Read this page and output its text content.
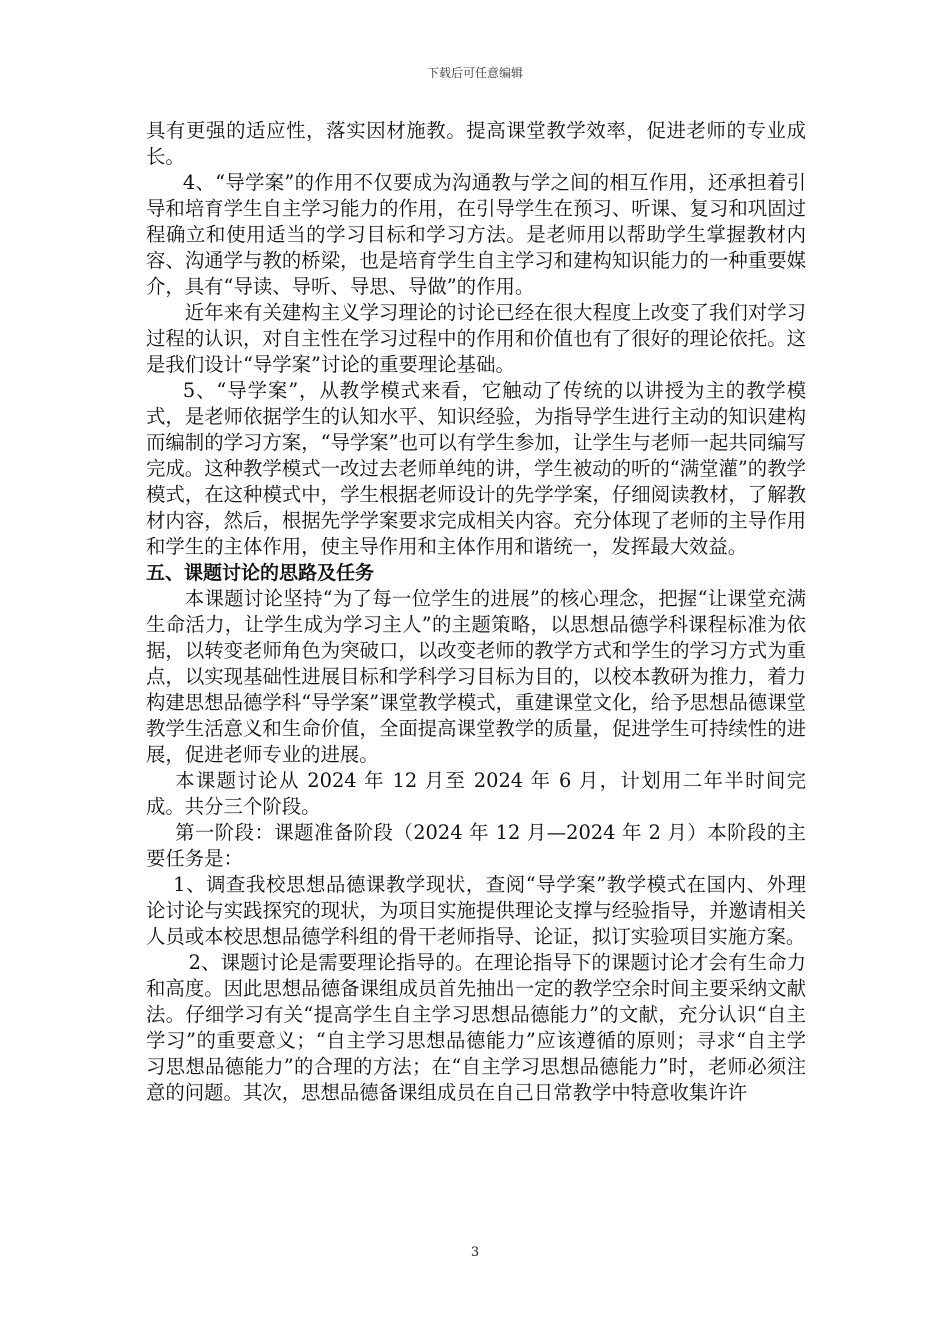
下载后可任意编辑

具有更强的适应性，落实因材施教。提高课堂教学效率，促进老师的专业成长。

4、“导学案”的作用不仅要成为沟通教与学之间的相互作用，还承担着引导和培育学生自主学习能力的作用，在引导学生在预习、听课、复习和巩固过程确立和使用适当的学习目标和学习方法。是老师用以帮助学生掌握教材内容、沟通学与教的桥梁，也是培育学生自主学习和建构知识能力的一种重要媒介，具有“导读、导听、导思、导做”的作用。

近年来有关建构主义学习理论的讨论已经在很大程度上改变了我们对学习过程的认识，对自主性在学习过程中的作用和价值也有了很好的理论依托。这是我们设计“导学案”讨论的重要理论基础。

5、“导学案”，从教学模式来看，它触动了传统的以讲授为主的教学模式，是老师依据学生的认知水平、知识经验，为指导学生进行主动的知识建构而编制的学习方案，“导学案”也可以有学生参加，让学生与老师一起共同编写完成。这种教学模式一改过去老师单纯的讲，学生被动的听的“满堂灌”的教学模式，在这种模式中，学生根据老师设计的先学学案，仔细阅读教材，了解教材内容，然后，根据先学学案要求完成相关内容。充分体现了老师的主导作用和学生的主体作用，使主导作用和主体作用和谐统一，发挥最大效益。

五、课题讨论的思路及任务

本课题讨论坚持“为了每一位学生的进展”的核心理念，把握“让课堂充满生命活力，让学生成为学习主人”的主题策略，以思想品德学科课程标准为依据，以转变老师角色为突破口，以改变老师的教学方式和学生的学习方式为重点，以实现基础性进展目标和学科学习目标为目的，以校本教研为推力，着力构建思想品德学科“导学案”课堂教学模式，重建课堂文化，给予思想品德课堂教学生活意义和生命价值，全面提高课堂教学的质量，促进学生可持续性的进展，促进老师专业的进展。

本课题讨论从 2024 年 12 月至 2024 年 6 月，计划用二年半时间完成。共分三个阶段。

第一阶段：课题准备阶段（2024 年 12 月—2024 年 2 月）本阶段的主要任务是：

1、调查我校思想品德课教学现状，查阅“导学案”教学模式在国内、外理论讨论与实践探究的现状，为项目实施提供理论支撑与经验指导，并邀请相关人员或本校思想品德学科组的骨干老师指导、论证，拟订实验项目实施方案。

2、课题讨论是需要理论指导的。在理论指导下的课题讨论才会有生命力和高度。因此思想品德备课组成员首先抽出一定的教学空余时间主要采纳文献法。仔细学习有关“提高学生自主学习思想品德能力”的文献，充分认识“自主学习”的重要意义；“自主学习思想品德能力”应该遵循的原则；寻求“自主学习思想品德能力”的合理的方法；在“自主学习思想品德能力”时，老师必须注意的问题。其次，思想品德备课组成员在自己日常教学中特意收集许许

3
